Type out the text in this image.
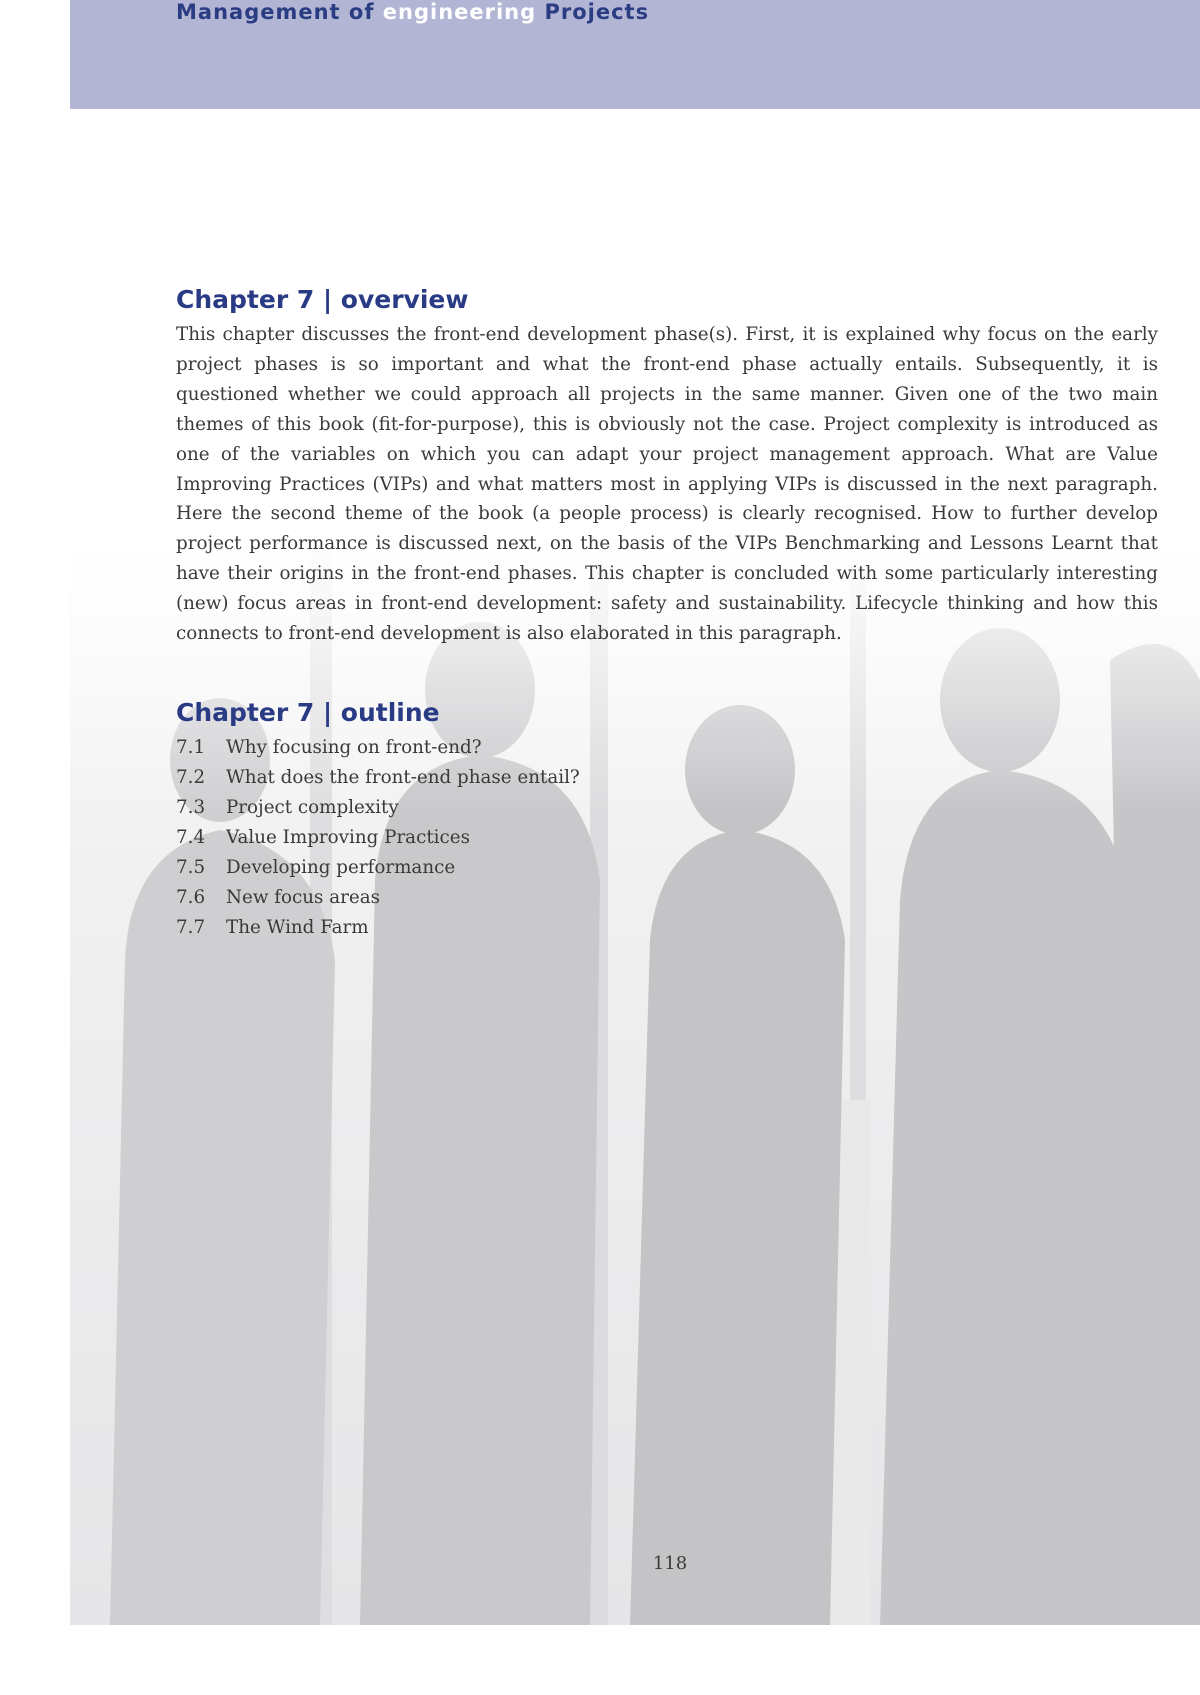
Management of engineering Projects
Chapter 7 | overview

This chapter discusses the front-end development phase(s). First, it is explained why focus on the early project phases is so important and what the front-end phase actually entails. Subsequently, it is questioned whether we could approach all projects in the same manner. Given one of the two main themes of this book (fit-for-purpose), this is obviously not the case. Project complexity is introduced as one of the variables on which you can adapt your project management approach. What are Value Improving Practices (VIPs) and what matters most in applying VIPs is discussed in the next paragraph. Here the second theme of the book (a people process) is clearly recognised. How to further develop project performance is discussed next, on the basis of the VIPs Benchmarking and Lessons Learnt that have their origins in the front-end phases. This chapter is concluded with some particularly interesting (new) focus areas in front-end development: safety and sustainability. Lifecycle thinking and how this connects to front-end development is also elaborated in this paragraph.

Chapter 7 | outline
7.1 Why focusing on front-end?
7.2 What does the front-end phase entail?
7.3 Project complexity
7.4 Value Improving Practices
7.5 Developing performance
7.6 New focus areas
7.7 The Wind Farm
118
